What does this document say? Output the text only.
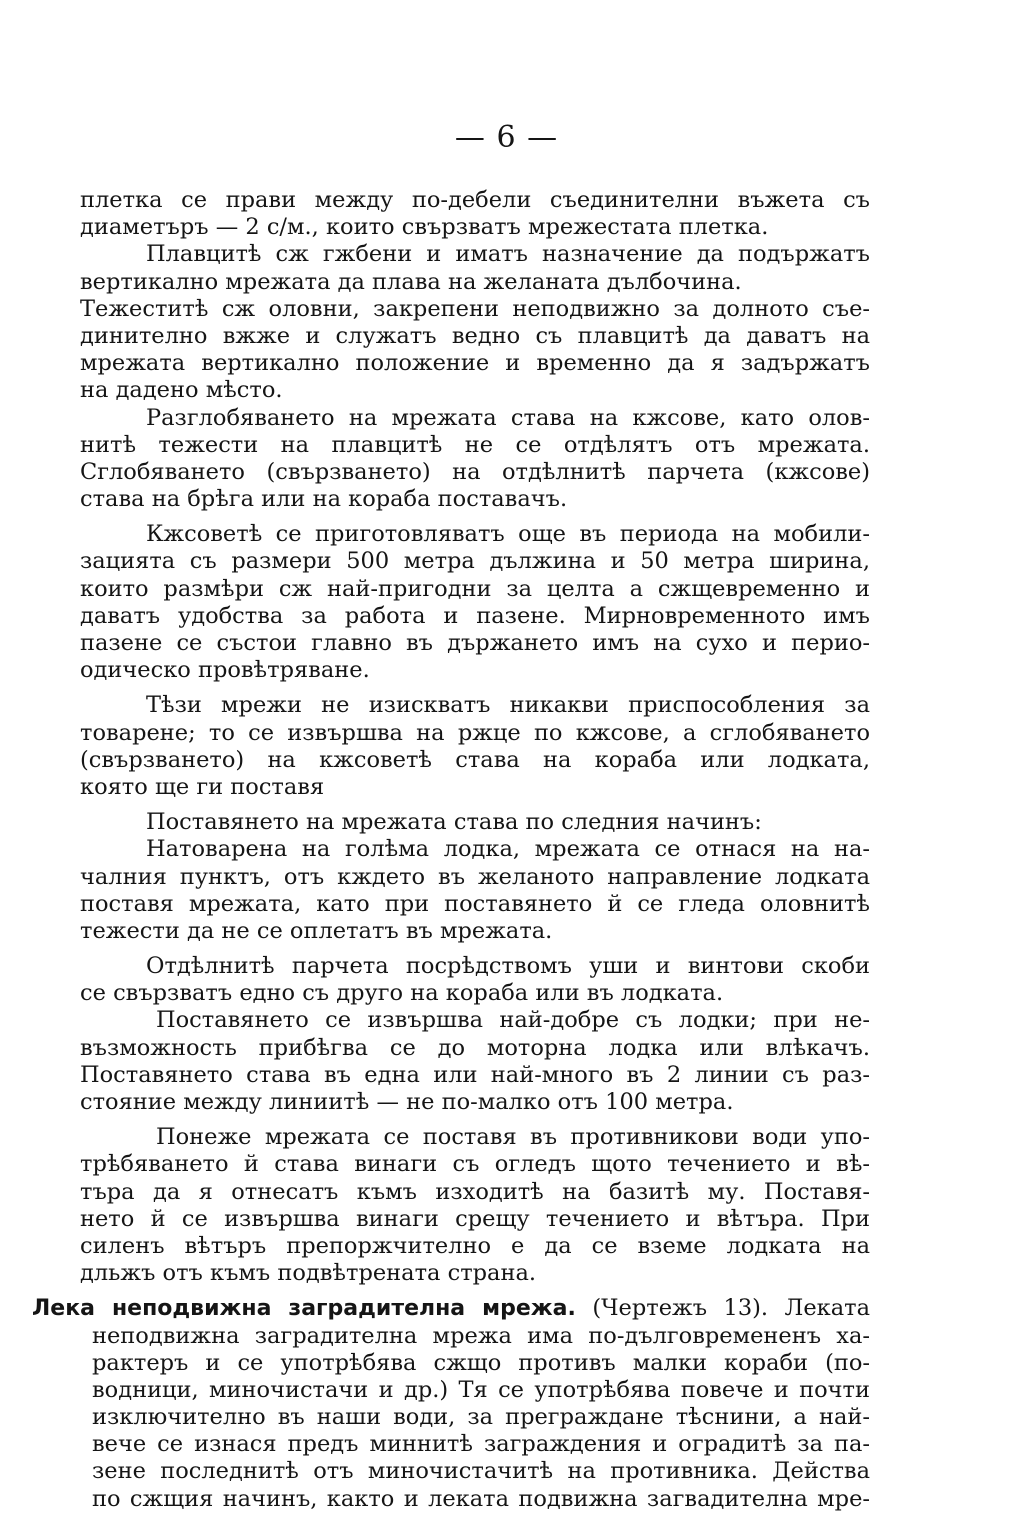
— 6 —
плетка се прави между по-дебели съединителни въжета съ
диаметъръ — 2 с/м., които свързватъ мрежестата плетка.
Плавцитѣ сж гжбени и иматъ назначение да подържатъ
вертикално мрежата да плава на желаната дълбочина.
Тежеститѣ сж оловни, закрепени неподвижно за долното съе-
динително вжже и служатъ ведно съ плавцитѣ да даватъ на
мрежата вертикално положение и временно да я задържатъ
на дадено мѣсто.
Разглобяването на мрежата става на кжсове, като олов-
нитѣ тежести на плавцитѣ не се отдѣлятъ отъ мрежата.
Сглобяването (свързването) на отдѣлнитѣ парчета (кжсове)
става на брѣга или на кораба поставачъ.
Кжсоветѣ се приготовляватъ още въ периода на мобили-
зацията съ размери 500 метра дължина и 50 метра ширина,
които размѣри сж най-пригодни за целта а сжщевременно и
даватъ удобства за работа и пазене. Мирновременното имъ
пазене се състои главно въ държането имъ на сухо и перио-
одическо провѣтряване.
Тѣзи мрежи не изискватъ никакви приспособления за
товарене; то се извършва на ржце по кжсове, а сглобяването
(свързването) на кжсоветѣ става на кораба или лодката,
която ще ги поставя
Поставянето на мрежата става по следния начинъ:
Натоварена на голѣма лодка, мрежата се отнася на на-
чалния пунктъ, отъ кждето въ желаното направление лодката
поставя мрежата, като при поставянето й се гледа оловнитѣ
тежести да не се оплетатъ въ мрежата.
Отдѣлнитѣ парчета посрѣдствомъ уши и винтови скоби
се свързватъ едно съ друго на кораба или въ лодката.
Поставянето се извършва най-добре съ лодки; при не-
възможность прибѣгва се до моторна лодка или влѣкачъ.
Поставянето става въ една или най-много въ 2 линии съ раз-
стояние между линиитѣ — не по-малко отъ 100 метра.
Понеже мрежата се поставя въ противникови води упо-
трѣбяването й става винаги съ огледъ щото течението и вѣ-
търа да я отнесатъ къмъ изходитѣ на базитѣ му. Поставя-
нето й се извършва винаги срещу течението и вѣтъра. При
силенъ вѣтъръ препоржчително е да се вземе лодката на
дльжъ отъ къмъ подвѣтрената страна.
Лека неподвижна заградителна мрежа. (Чертежъ 13). Леката
неподвижна заградителна мрежа има по-дълговремененъ ха-
рактеръ и се употрѣбява сжщо противъ малки кораби (по-
водници, миночистачи и др.) Тя се употрѣбява повече и почти
изключително въ наши води, за преграждане тѣснини, а най-
вече се изнася предъ миннитѣ заграждения и оградитѣ за па-
зене последнитѣ отъ миночистачитѣ на противника. Действа
по сжщия начинъ, както и леката подвижна загвадителна мре-
